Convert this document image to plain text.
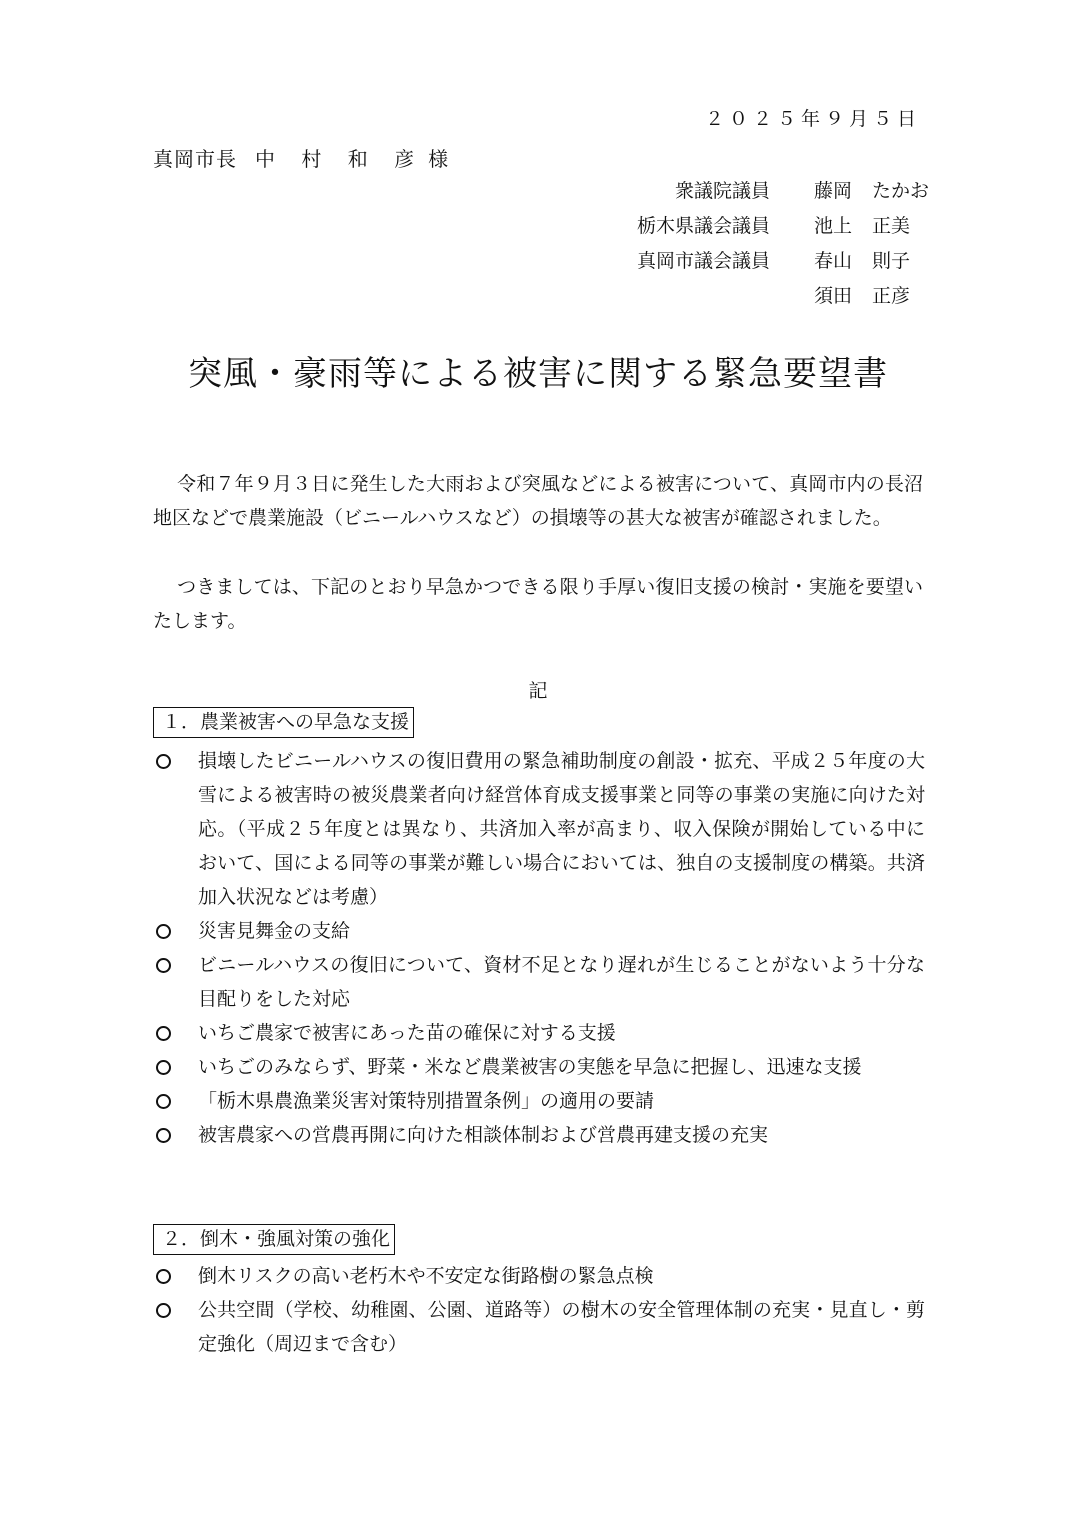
２０２５年９月５日
真岡市長 中 村 和 彦 様
衆議院議員 藤岡 たかお
栃木県議会議員 池上 正美
真岡市議会議員 春山 則子
須田 正彦
突風・豪雨等による被害に関する緊急要望書
令和７年９月３日に発生した大雨および突風などによる被害について、真岡市内の長沼地区などで農業施設（ビニールハウスなど）の損壊等の甚大な被害が確認されました。
つきましては、下記のとおり早急かつできる限り手厚い復旧支援の検討・実施を要望いたします。
記
１．農業被害への早急な支援
損壊したビニールハウスの復旧費用の緊急補助制度の創設・拡充、平成２５年度の大雪による被害時の被災農業者向け経営体育成支援事業と同等の事業の実施に向けた対応。（平成２５年度とは異なり、共済加入率が高まり、収入保険が開始している中において、国による同等の事業が難しい場合においては、独自の支援制度の構築。共済加入状況などは考慮）
災害見舞金の支給
ビニールハウスの復旧について、資材不足となり遅れが生じることがないよう十分な目配りをした対応
いちご農家で被害にあった苗の確保に対する支援
いちごのみならず、野菜・米など農業被害の実態を早急に把握し、迅速な支援
「栃木県農漁業災害対策特別措置条例」の適用の要請
被害農家への営農再開に向けた相談体制および営農再建支援の充実
２．倒木・強風対策の強化
倒木リスクの高い老朽木や不安定な街路樹の緊急点検
公共空間（学校、幼稚園、公園、道路等）の樹木の安全管理体制の充実・見直し・剪定強化（周辺まで含む）
